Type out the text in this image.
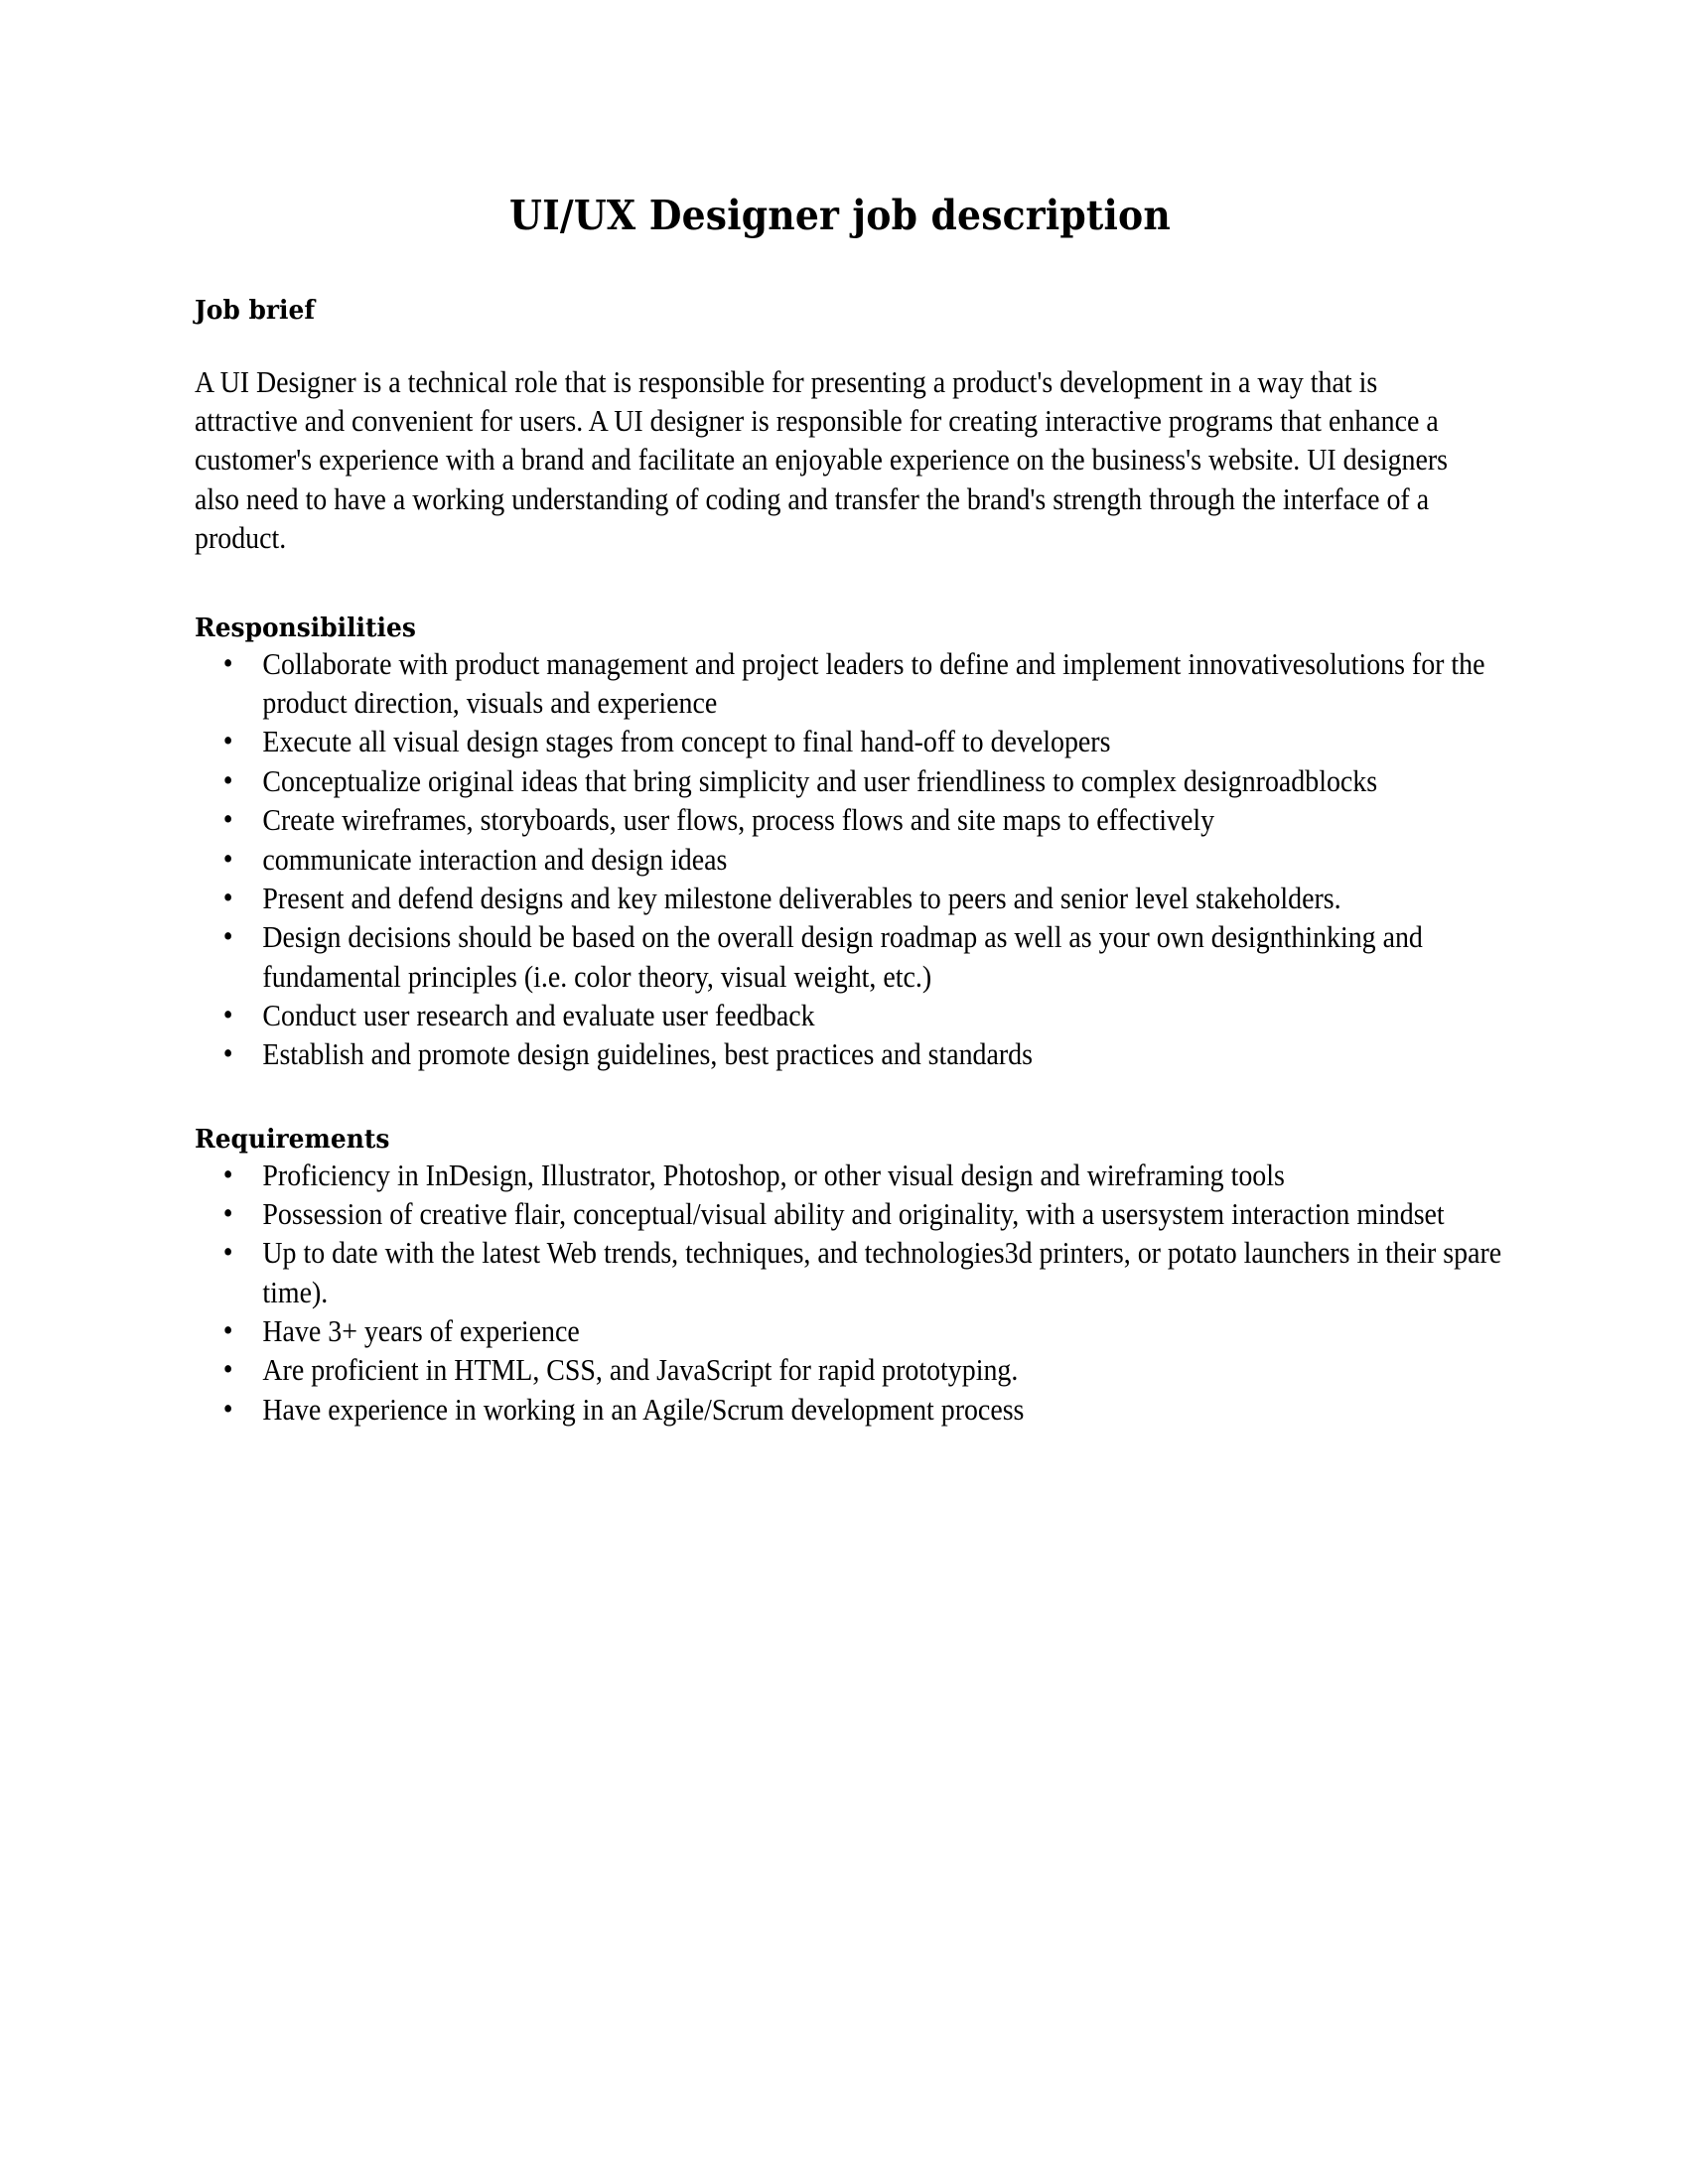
UI/UX Designer job description
Job brief

A UI Designer is a technical role that is responsible for presenting a product's development in a way that is attractive and convenient for users. A UI designer is responsible for creating interactive programs that enhance a customer's experience with a brand and facilitate an enjoyable experience on the business's website. UI designers also need to have a working understanding of coding and transfer the brand's strength through the interface of a product.

Responsibilities
• Collaborate with product management and project leaders to define and implement innovativesolutions for the product direction, visuals and experience
• Execute all visual design stages from concept to final hand-off to developers
• Conceptualize original ideas that bring simplicity and user friendliness to complex designroadblocks
• Create wireframes, storyboards, user flows, process flows and site maps to effectively
• communicate interaction and design ideas
• Present and defend designs and key milestone deliverables to peers and senior level stakeholders.
• Design decisions should be based on the overall design roadmap as well as your own designthinking and fundamental principles (i.e. color theory, visual weight, etc.)
• Conduct user research and evaluate user feedback
• Establish and promote design guidelines, best practices and standards
Requirements
• Proficiency in InDesign, Illustrator, Photoshop, or other visual design and wireframing tools
• Possession of creative flair, conceptual/visual ability and originality, with a usersystem interaction mindset
• Up to date with the latest Web trends, techniques, and technologies3d printers, or potato launchers in their spare time).
• Have 3+ years of experience
• Are proficient in HTML, CSS, and JavaScript for rapid prototyping.
• Have experience in working in an Agile/Scrum development process
